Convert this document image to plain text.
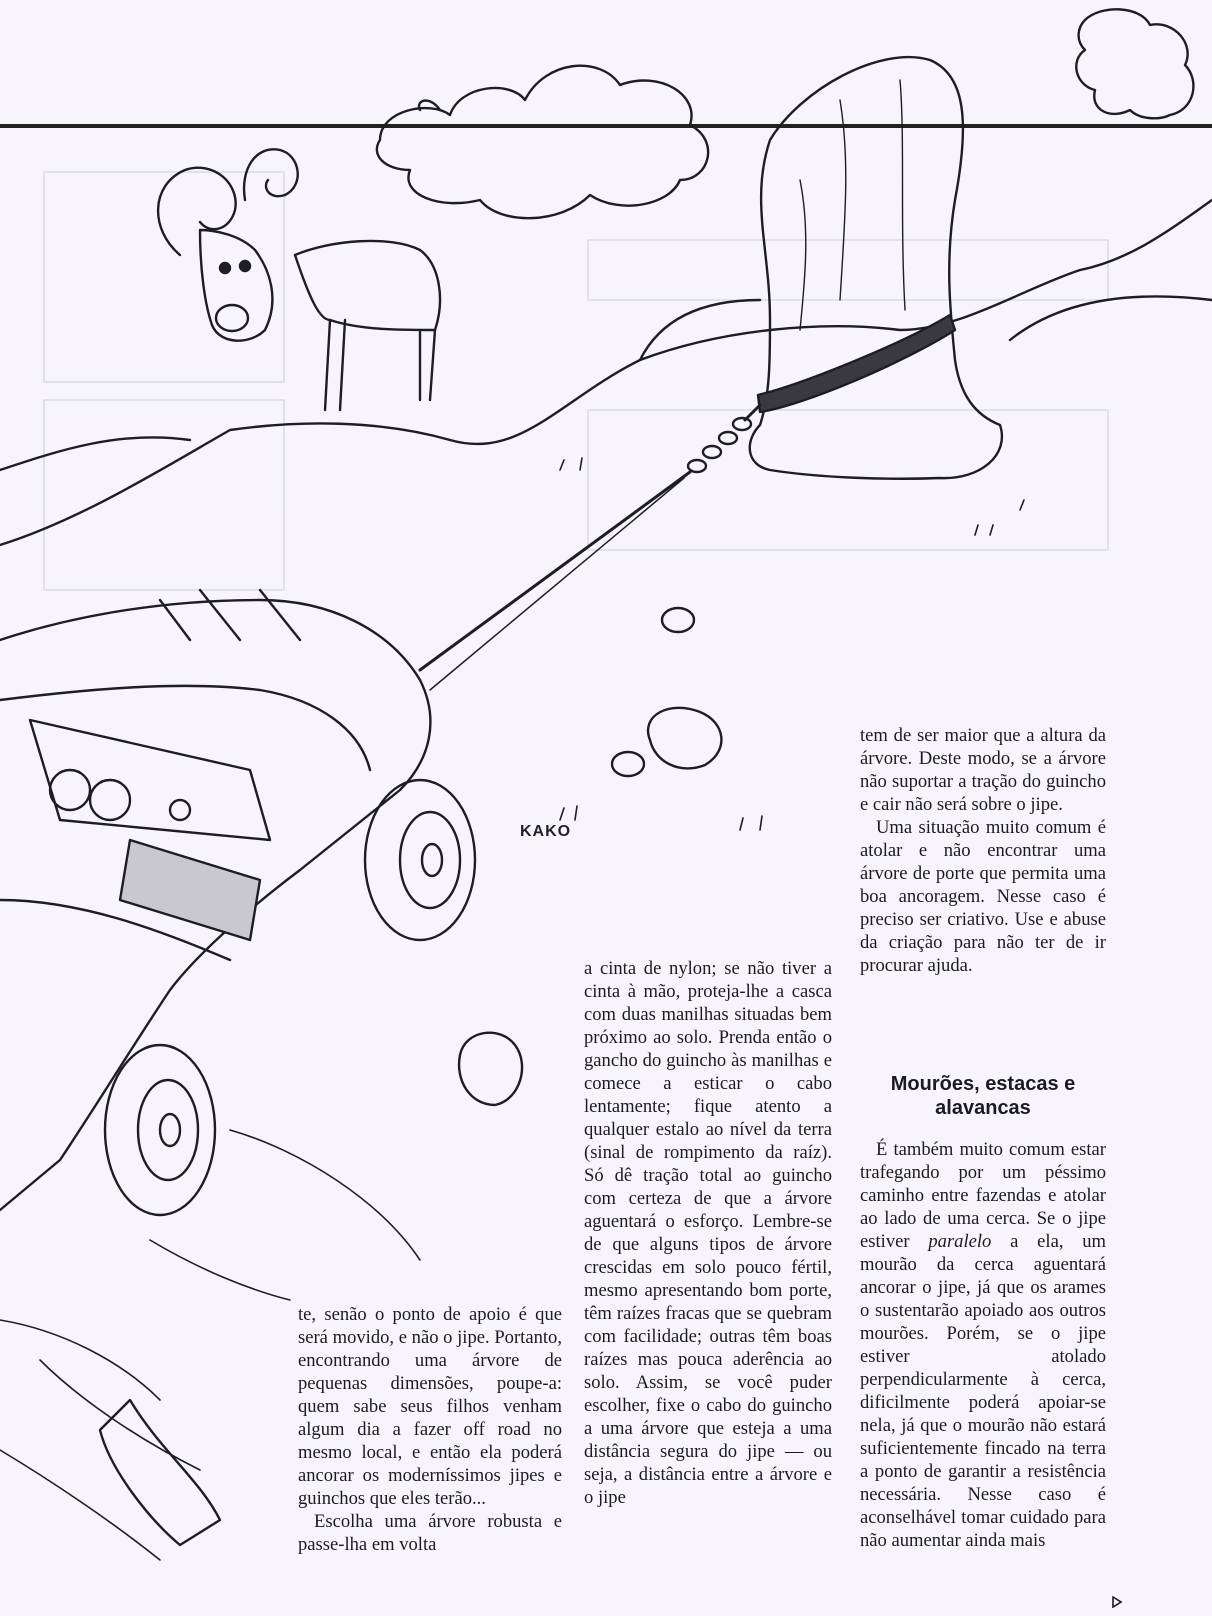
KAKO

te, senão o ponto de apoio é que será movido, e não o jipe. Portanto, encontrando uma árvore de pequenas dimensões, poupe-a: quem sabe seus filhos venham algum dia a fazer off road no mesmo local, e então ela poderá ancorar os moderníssimos jipes e guinchos que eles terão...

Escolha uma árvore robusta e passe-lha em volta

a cinta de nylon; se não tiver a cinta à mão, proteja-lhe a casca com duas manilhas situadas bem próximo ao solo. Prenda então o gancho do guincho às manilhas e comece a esticar o cabo lentamente; fique atento a qualquer estalo ao nível da terra (sinal de rompimento da raíz). Só dê tração total ao guincho com certeza de que a árvore aguentará o esforço. Lembre-se de que alguns tipos de árvore crescidas em solo pouco fértil, mesmo apresentando bom porte, têm raízes fracas que se quebram com facilidade; outras têm boas raízes mas pouca aderência ao solo. Assim, se você puder escolher, fixe o cabo do guincho a uma árvore que esteja a uma distância segura do jipe — ou seja, a distância entre a árvore e o jipe

tem de ser maior que a altura da árvore. Deste modo, se a árvore não suportar a tração do guincho e cair não será sobre o jipe.

Uma situação muito comum é atolar e não encontrar uma árvore de porte que permita uma boa ancoragem. Nesse caso é preciso ser criativo. Use e abuse da criação para não ter de ir procurar ajuda.

Mourões, estacas e alavancas

É também muito comum estar trafegando por um péssimo caminho entre fazendas e atolar ao lado de uma cerca. Se o jipe estiver paralelo a ela, um mourão da cerca aguentará ancorar o jipe, já que os arames o sustentarão apoiado aos outros mourões. Porém, se o jipe estiver atolado perpendicularmente à cerca, dificilmente poderá apoiar-se nela, já que o mourão não estará suficientemente fincado na terra a ponto de garantir a resistência necessária. Nesse caso é aconselhável tomar cuidado para não aumentar ainda mais
